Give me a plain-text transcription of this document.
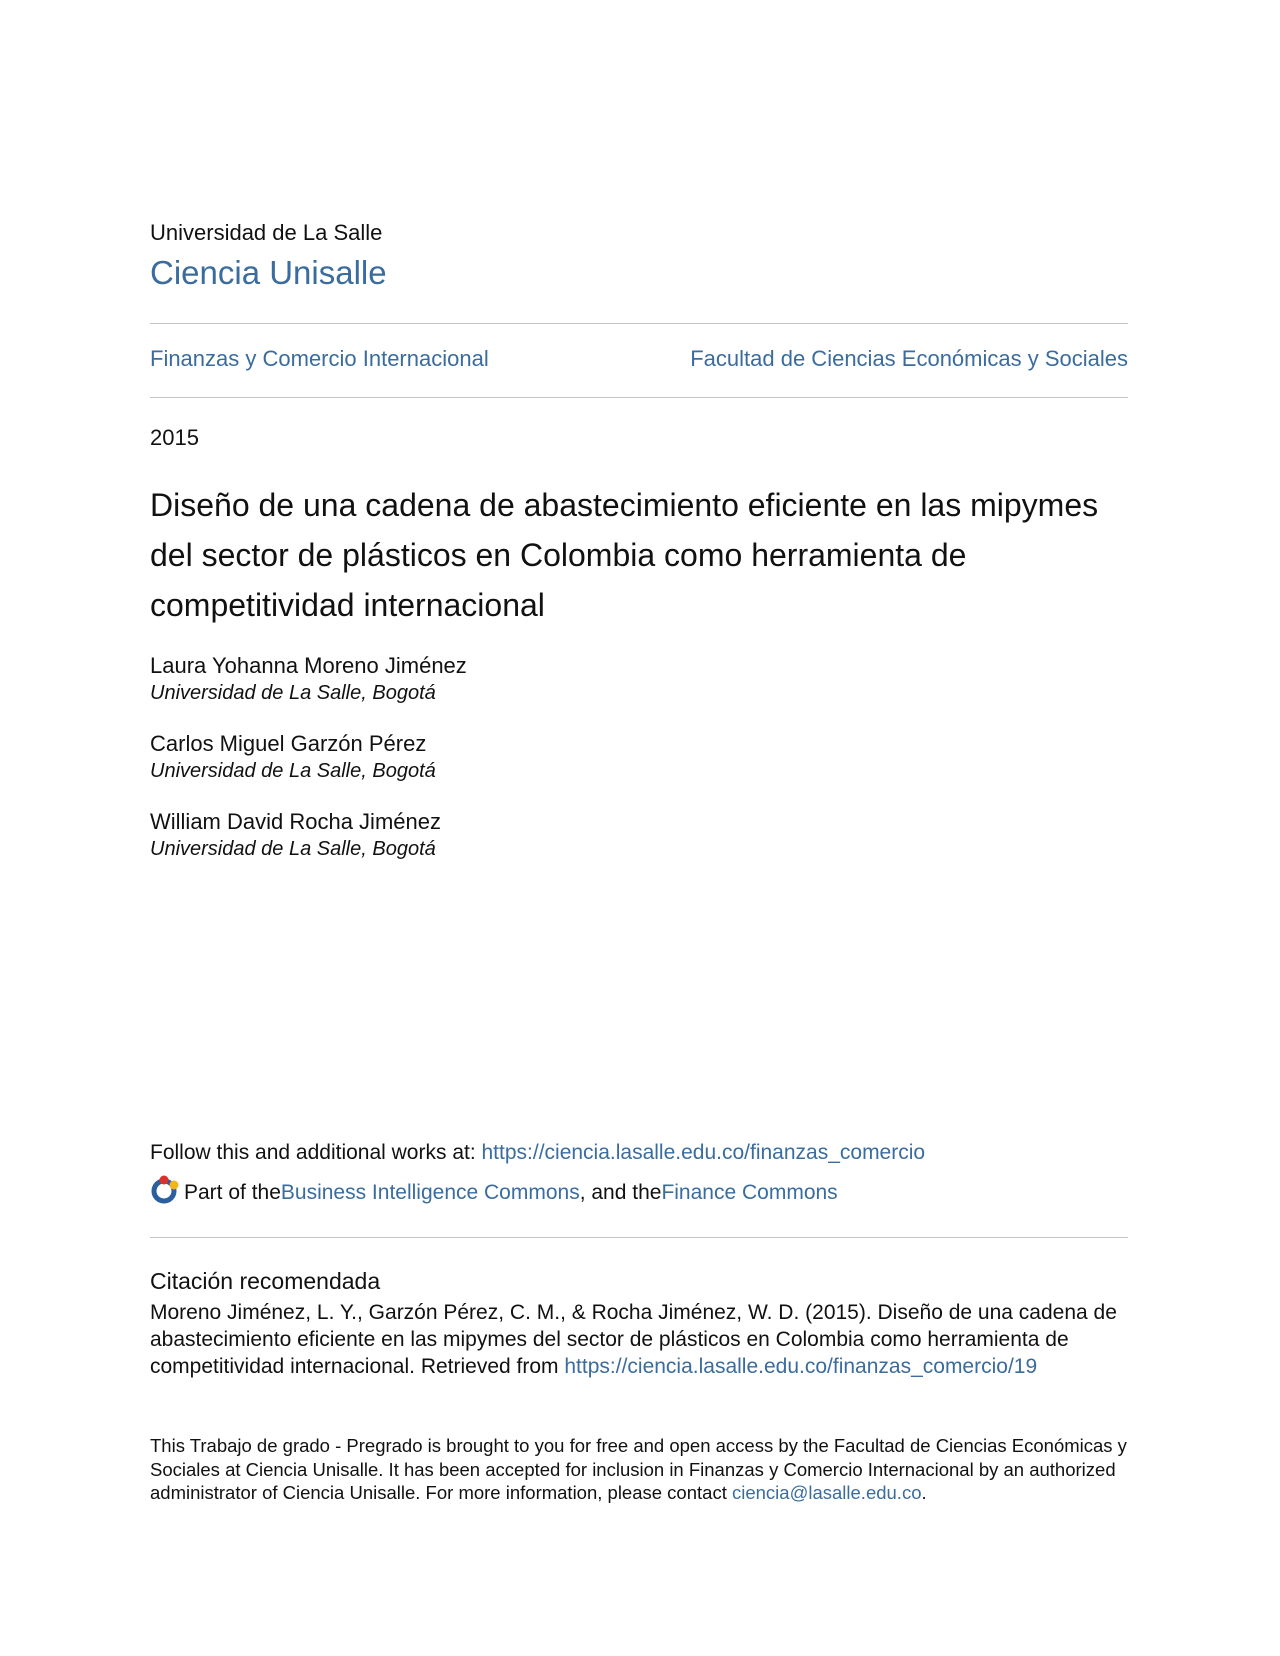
Universidad de La Salle
Ciencia Unisalle
Finanzas y Comercio Internacional	Facultad de Ciencias Económicas y Sociales
2015
Diseño de una cadena de abastecimiento eficiente en las mipymes del sector de plásticos en Colombia como herramienta de competitividad internacional
Laura Yohanna Moreno Jiménez
Universidad de La Salle, Bogotá
Carlos Miguel Garzón Pérez
Universidad de La Salle, Bogotá
William David Rocha Jiménez
Universidad de La Salle, Bogotá
Follow this and additional works at: https://ciencia.lasalle.edu.co/finanzas_comercio
Part of the Business Intelligence Commons , and the Finance Commons
Citación recomendada
Moreno Jiménez, L. Y., Garzón Pérez, C. M., & Rocha Jiménez, W. D. (2015). Diseño de una cadena de abastecimiento eficiente en las mipymes del sector de plásticos en Colombia como herramienta de competitividad internacional. Retrieved from https://ciencia.lasalle.edu.co/finanzas_comercio/19
This Trabajo de grado - Pregrado is brought to you for free and open access by the Facultad de Ciencias Económicas y Sociales at Ciencia Unisalle. It has been accepted for inclusion in Finanzas y Comercio Internacional by an authorized administrator of Ciencia Unisalle. For more information, please contact ciencia@lasalle.edu.co.
